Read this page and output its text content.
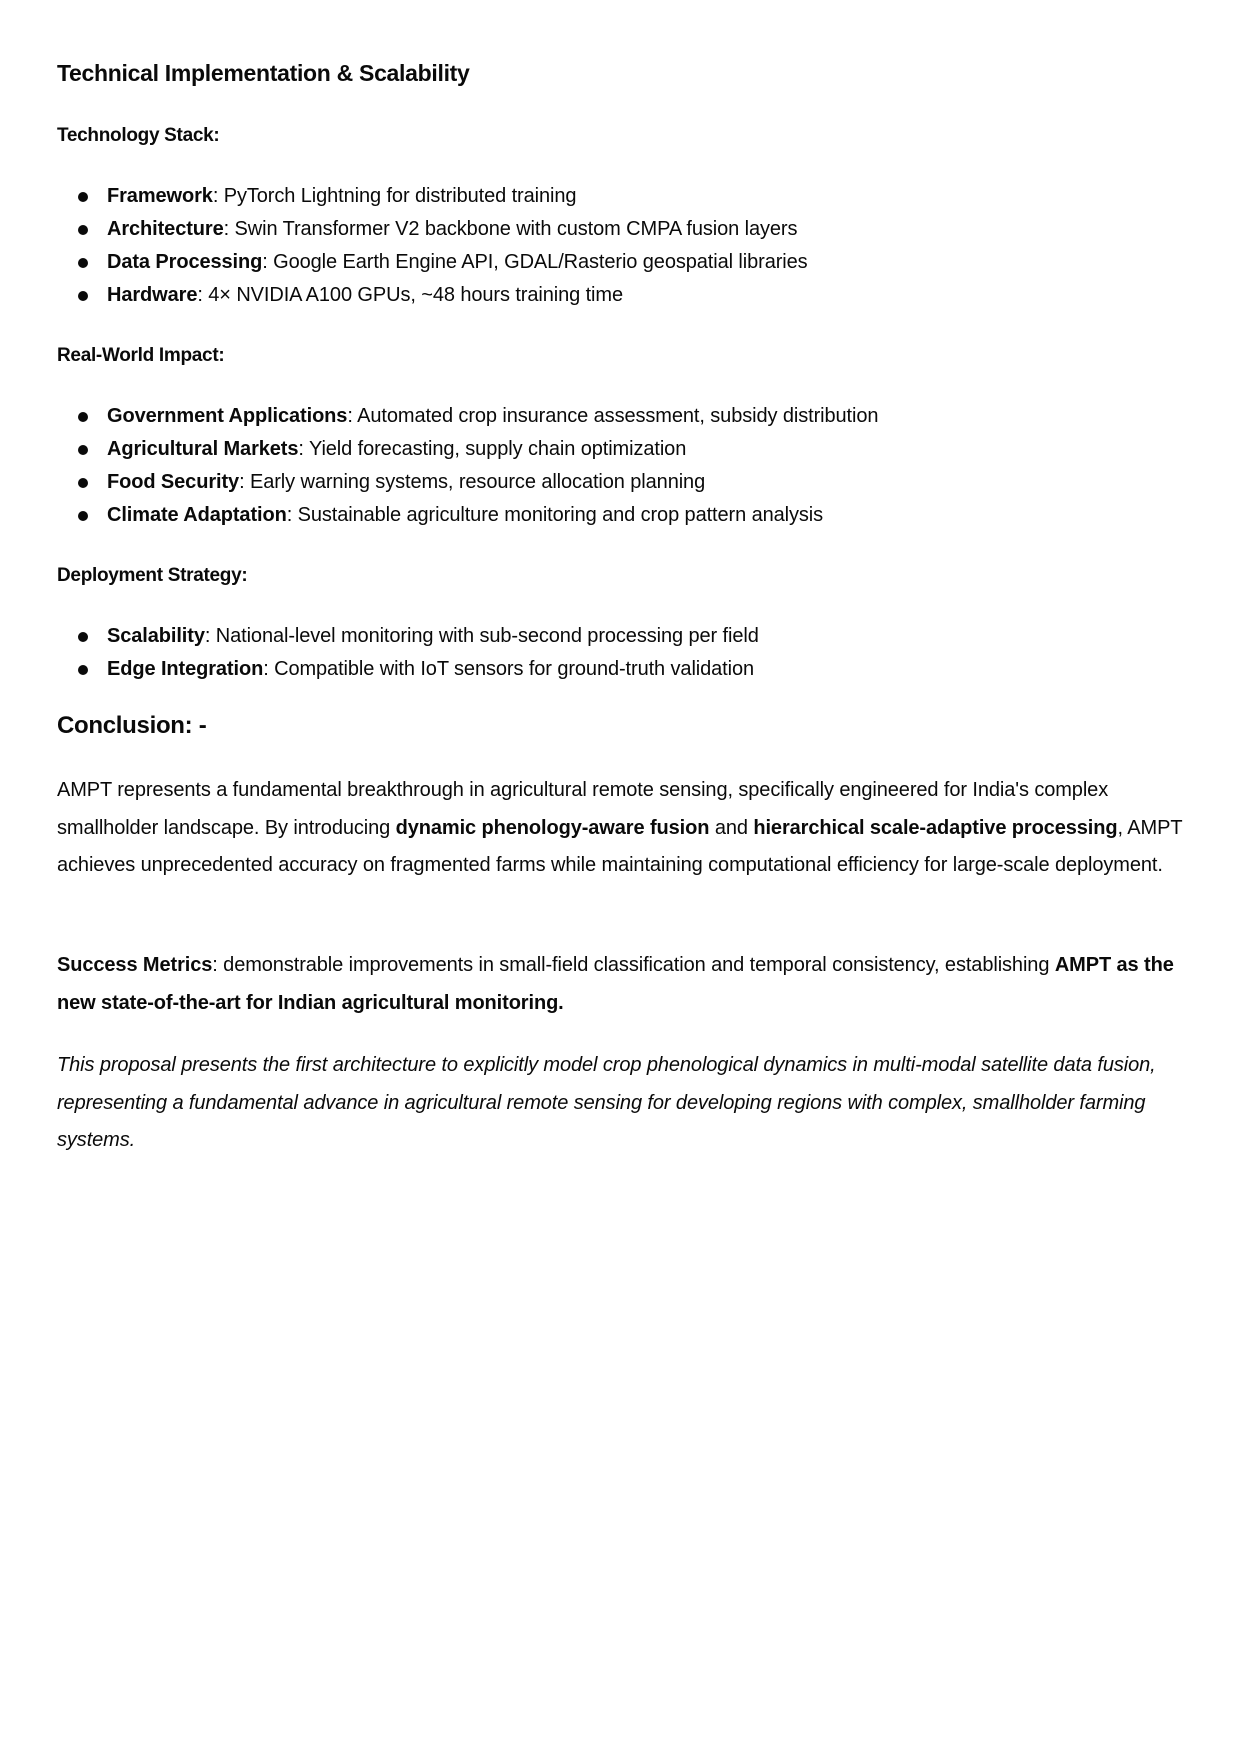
Technical Implementation & Scalability
Technology Stack:
Framework: PyTorch Lightning for distributed training
Architecture: Swin Transformer V2 backbone with custom CMPA fusion layers
Data Processing: Google Earth Engine API, GDAL/Rasterio geospatial libraries
Hardware: 4× NVIDIA A100 GPUs, ~48 hours training time
Real-World Impact:
Government Applications: Automated crop insurance assessment, subsidy distribution
Agricultural Markets: Yield forecasting, supply chain optimization
Food Security: Early warning systems, resource allocation planning
Climate Adaptation: Sustainable agriculture monitoring and crop pattern analysis
Deployment Strategy:
Scalability: National-level monitoring with sub-second processing per field
Edge Integration: Compatible with IoT sensors for ground-truth validation
Conclusion: -

AMPT represents a fundamental breakthrough in agricultural remote sensing, specifically engineered for India's complex smallholder landscape. By introducing dynamic phenology-aware fusion and hierarchical scale-adaptive processing, AMPT achieves unprecedented accuracy on fragmented farms while maintaining computational efficiency for large-scale deployment.

Success Metrics: demonstrable improvements in small-field classification and temporal consistency, establishing AMPT as the new state-of-the-art for Indian agricultural monitoring.

This proposal presents the first architecture to explicitly model crop phenological dynamics in multi-modal satellite data fusion, representing a fundamental advance in agricultural remote sensing for developing regions with complex, smallholder farming systems.
